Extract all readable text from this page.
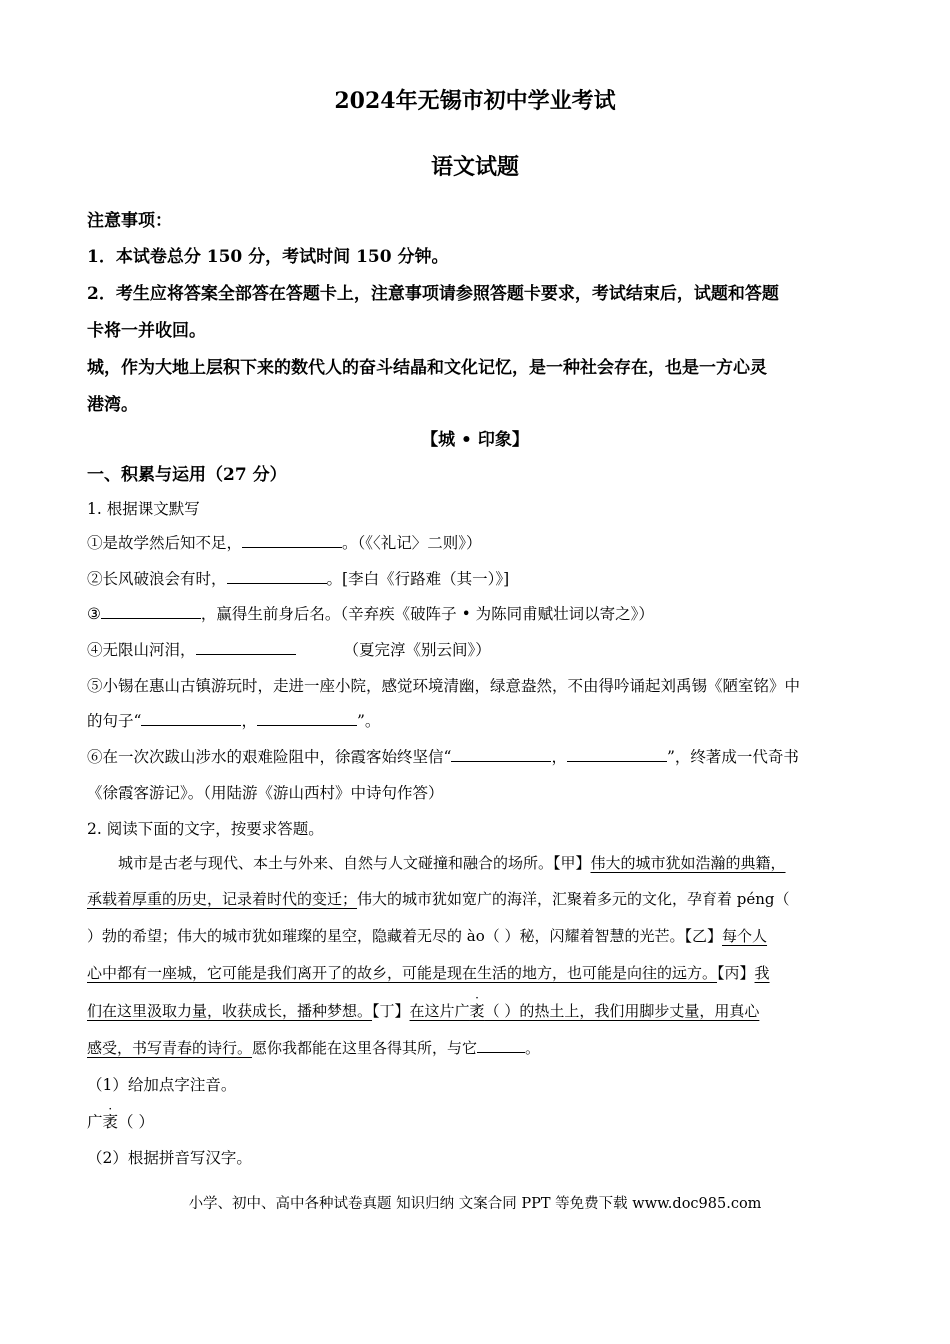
2024年无锡市初中学业考试
语文试题
注意事项：
1．本试卷总分 150 分，考试时间 150 分钟。
2．考生应将答案全部答在答题卡上，注意事项请参照答题卡要求，考试结束后，试题和答题
卡将一并收回。
城，作为大地上层积下来的数代人的奋斗结晶和文化记忆，是一种社会存在，也是一方心灵
港湾。
【城 • 印象】
一、积累与运用（27 分）
1. 根据课文默写
①是故学然后知不足，	。（《〈礼记〉二则》）
②长风破浪会有时，	。[李白《行路难（其一）》]
③	，赢得生前身后名。（辛弃疾《破阵子 • 为陈同甫赋壮词以寄之》）
④无限山河泪，	（夏完淳《别云间》）
⑤小锡在惠山古镇游玩时，走进一座小院，感觉环境清幽，绿意盎然，不由得吟诵起刘禹锡《陋室铭》中
的句子“	，	”。
⑥在一次次跋山涉水的艰难险阻中，徐霞客始终坚信“	，	”，终著成一代奇书
《徐霞客游记》。（用陆游《游山西村》中诗句作答）
2. 阅读下面的文字，按要求答题。
城市是古老与现代、本土与外来、自然与人文碰撞和融合的场所。【甲】伟大的城市犹如浩瀚的典籍，
承载着厚重的历史，记录着时代的变迁；伟大的城市犹如宽广的海洋，汇聚着多元的文化，孕育着 péng（
）勃的希望；伟大的城市犹如璀璨的星空，隐藏着无尽的 ào（ ）秘，闪耀着智慧的光芒。【乙】每个人
心中都有一座城，它可能是我们离开了的故乡，可能是现在生活的地方，也可能是向往的远方。【丙】我
们在这里汲取力量，收获成长，播种梦想。【丁】在这片广袤（ ）的热土上，我们用脚步丈量，用真心
感受，书写青春的诗行。愿你我都能在这里各得其所，与它	。
（1）给加点字注音。
广袤（ ）
（2）根据拼音写汉字。
小学、初中、高中各种试卷真题 知识归纳 文案合同 PPT 等免费下载 www.doc985.com
